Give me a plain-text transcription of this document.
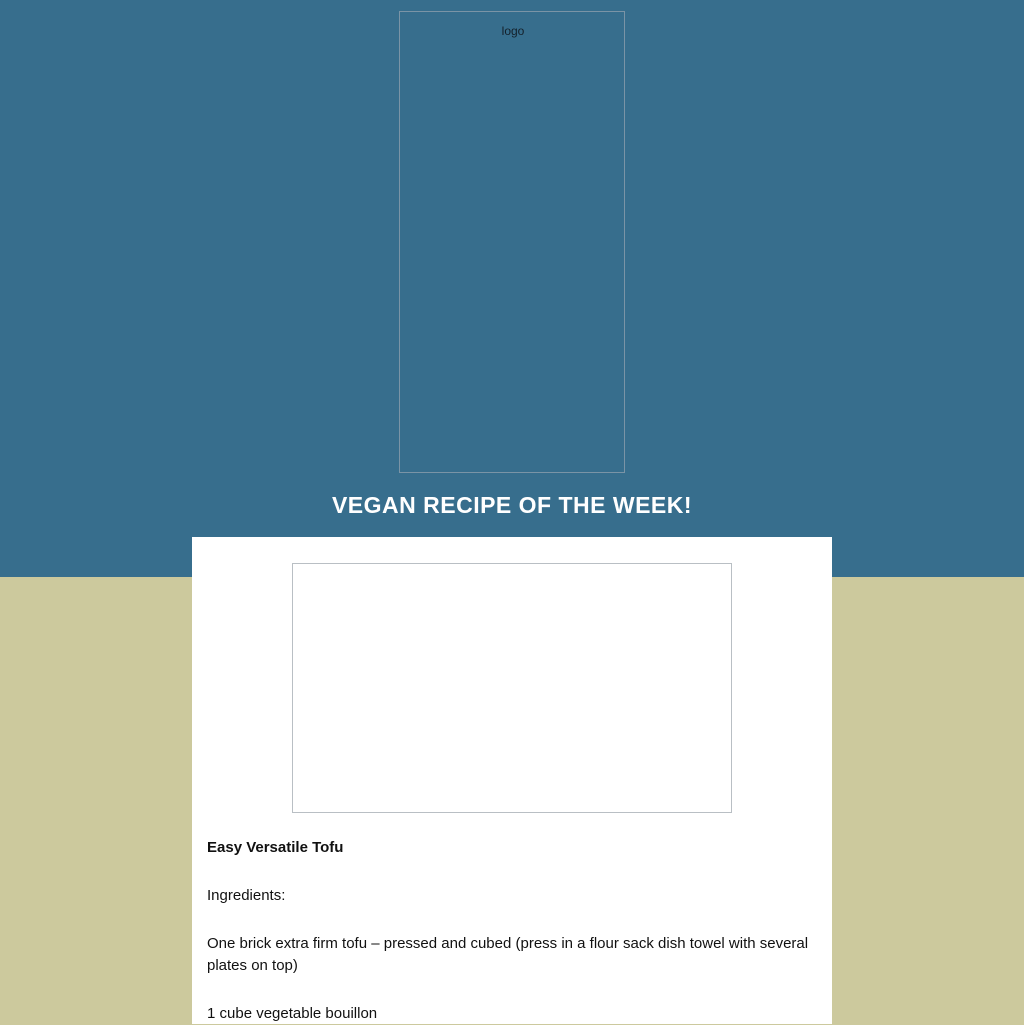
logo
VEGAN RECIPE OF THE WEEK!

Easy Versatile Tofu

Ingredients:

One brick extra firm tofu – pressed and cubed (press in a flour sack dish towel with several plates on top)

1 cube vegetable bouillon
